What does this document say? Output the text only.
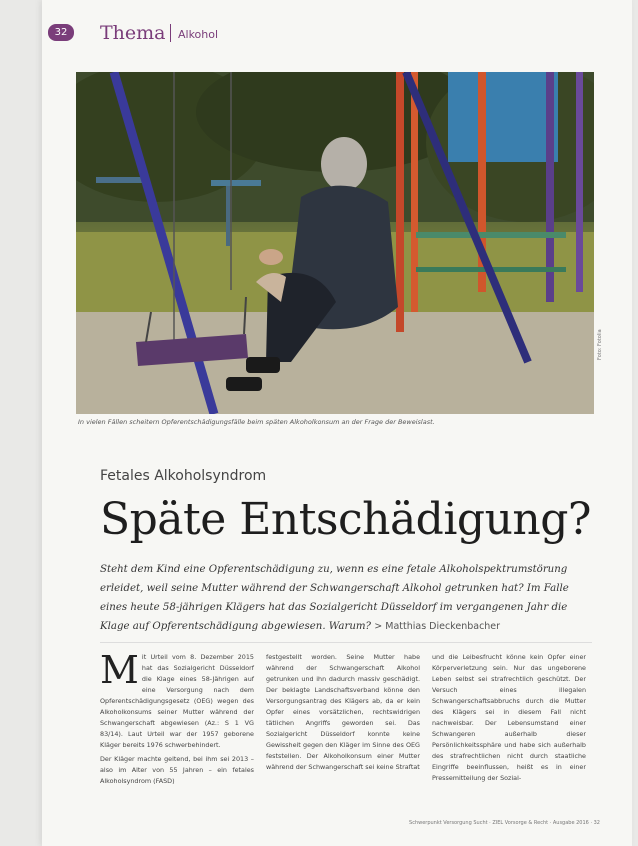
32	Thema Alkohol
Foto: Fotolia
In vielen Fällen scheitern Opferentschädigungsfälle beim späten Alkoholkonsum an der Frage der Beweislast.
Fetales Alkoholsyndrom
Späte Entschädigung?
Steht dem Kind eine Opferentschädigung zu, wenn es eine fetale Alkoholspektrumstörung erleidet, weil seine Mutter während der Schwangerschaft Alkohol getrunken hat? Im Falle eines heute 58-jährigen Klägers hat das Sozialgericht Düsseldorf im vergangenen Jahr die Klage auf Opferentschädigung abgewiesen. Warum? > Matthias Dieckenbacher

Mit Urteil vom 8. Dezember 2015 hat das Sozialgericht Düsseldorf die Klage eines 58-Jährigen auf eine Versorgung nach dem Opferentschädigungsgesetz (OEG) wegen des Alkoholkonsums seiner Mutter während der Schwangerschaft abgewiesen (Az.: S 1 VG 83/14). Laut Urteil war der 1957 geborene Kläger bereits 1976 schwerbehindert.

Der Kläger machte geltend, bei ihm sei 2013 – also im Alter von 55 Jahren – ein fetales Alkoholsyndrom (FASD)

festgestellt worden. Seine Mutter habe während der Schwangerschaft Alkohol getrunken und ihn dadurch massiv geschädigt. Der beklagte Landschaftsverband könne den Versorgungsantrag des Klägers ab, da er kein Opfer eines vorsätzlichen, rechtswidrigen tätlichen Angriffs geworden sei. Das Sozialgericht Düsseldorf konnte keine Gewissheit gegen den Kläger im Sinne des OEG feststellen. Der Alkoholkonsum einer Mutter während der Schwangerschaft sei keine Straftat

und die Leibesfrucht könne kein Opfer einer Körperverletzung sein. Nur das ungeborene Leben selbst sei strafrechtlich geschützt. Der Versuch eines illegalen Schwangerschaftsabbruchs durch die Mutter des Klägers sei in diesem Fall nicht nachweisbar. Der Lebensumstand einer Schwangeren außerhalb dieser Persönlichkeitssphäre und habe sich außerhalb des strafrechtlichen nicht durch staatliche Eingriffe beeinflussen, heißt es in einer Pressemitteilung der Sozial-

Schwerpunkt Versorgung Sucht · ZIEL Vorsorge & Recht · Ausgabe 2016 · 32
